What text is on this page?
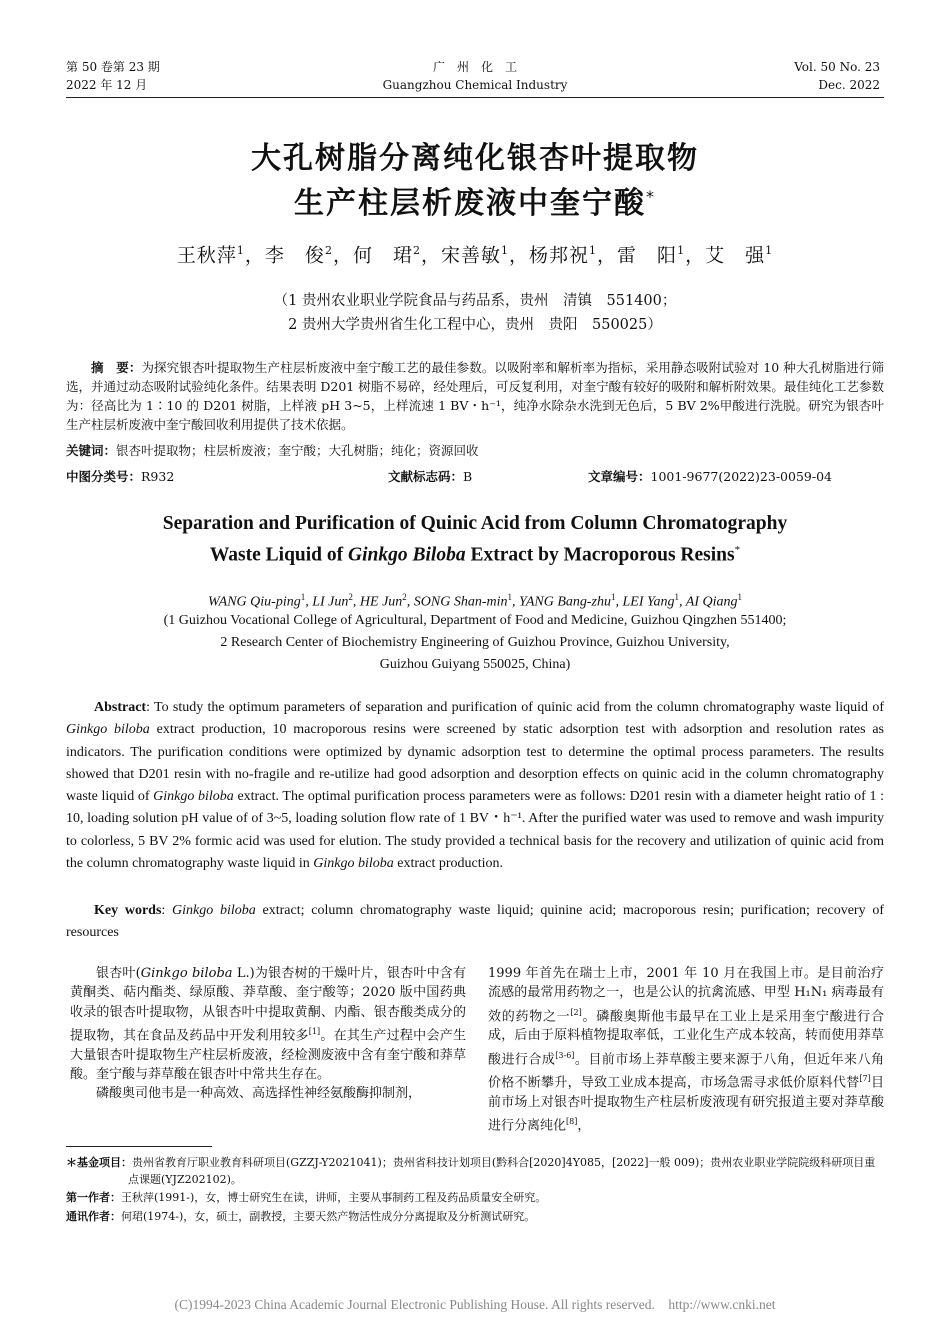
第 50 卷第 23 期
2022 年 12 月
广　州　化　工
Guangzhou Chemical Industry
Vol. 50 No. 23
Dec. 2022
大孔树脂分离纯化银杏叶提取物
生产柱层析废液中奎宁酸*
王秋萍$^1$，李　俊$^2$，何　珺$^2$，宋善敏$^1$，杨邦祝$^1$，雷　阳$^1$，艾　强$^1$
（1 贵州农业职业学院食品与药品系，贵州　清镇　551400；
2 贵州大学贵州省生化工程中心，贵州　贵阳　550025）
摘　要：为探究银杏叶提取物生产柱层析废液中奎宁酸工艺的最佳参数。以吸附率和解析率为指标，采用静态吸附试验对 10 种大孔树脂进行筛选，并通过动态吸附试验纯化条件。结果表明 D201 树脂不易碎，经处理后，可反复利用，对奎宁酸有较好的吸附和解析附效果。最佳纯化工艺参数为：径高比为 1∶10 的 D201 树脂，上样液 pH 3~5，上样流速 1 BV・h⁻¹，纯净水除杂水洗到无色后，5 BV 2%甲酸进行洗脱。研究为银杏叶生产柱层析废液中奎宁酸回收利用提供了技术依据。
关键词：银杏叶提取物；柱层析废液；奎宁酸；大孔树脂；纯化；资源回收
中图分类号：R932	文献标志码：B	文章编号：1001-9677(2022)23-0059-04
Separation and Purification of Quinic Acid from Column Chromatography
Waste Liquid of Ginkgo Biloba Extract by Macroporous Resins*
WANG Qiu-ping$^1$, LI Jun$^2$, HE Jun$^2$, SONG Shan-$\min^1$, YANG Bang-zhu$^1$, LEI Yang$^1$, AI Qiang$^1$
(1 Guizhou Vocational College of Agricultural, Department of Food and Medicine, Guizhou Qingzhen 551400;
2 Research Center of Biochemistry Engineering of Guizhou Province, Guizhou University,
Guizhou Guiyang 550025, China)
Abstract: To study the optimum parameters of separation and purification of quinic acid from the column chromatography waste liquid of Ginkgo biloba extract production, 10 macroporous resins were screened by static adsorption test with adsorption and resolution rates as indicators. The purification conditions were optimized by dynamic adsorption test to determine the optimal process parameters. The results showed that D201 resin with no-fragile and re-utilize had good adsorption and desorption effects on quinic acid in the column chromatography waste liquid of Ginkgo biloba extract. The optimal purification process parameters were as follows: D201 resin with a diameter height ratio of 1 : 10, loading solution pH value of of 3~5, loading solution flow rate of 1 BV・h⁻¹. After the purified water was used to remove and wash impurity to colorless, 5 BV 2% formic acid was used for elution. The study provided a technical basis for the recovery and utilization of quinic acid from the column chromatography waste liquid in Ginkgo biloba extract production.
Key words: Ginkgo biloba extract; column chromatography waste liquid; quinine acid; macroporous resin; purification; recovery of resources

银杏叶(Ginkgo biloba L.)为银杏树的干燥叶片，银杏叶中含有黄酮类、萜内酯类、绿原酸、莽草酸、奎宁酸等；2020 版中国药典收录的银杏叶提取物，从银杏叶中提取黄酮、内酯、银杏酸类成分的提取物，其在食品及药品中开发利用较多[1]。在其生产过程中会产生大量银杏叶提取物生产柱层析废液，经检测废液中含有奎宁酸和莽草酸。奎宁酸与莽草酸在银杏叶中常共生存在。

磷酸奥司他韦是一种高效、高选择性神经氨酸酶抑制剂，

1999 年首先在瑞士上市，2001 年 10 月在我国上市。是目前治疗流感的最常用药物之一，也是公认的抗禽流感、甲型 H₁N₁ 病毒最有效的药物之一[2]。磷酸奥斯他韦最早在工业上是采用奎宁酸进行合成，后由于原料植物提取率低，工业化生产成本较高，转而使用莽草酸进行合成[3-6]。目前市场上莽草酸主要来源于八角，但近年来八角价格不断攀升，导致工业成本提高，市场急需寻求低价原料代替[7]目前市场上对银杏叶提取物生产柱层析废液现有研究报道主要对莽草酸进行分离纯化[8]，

＊基金项目：贵州省教育厅职业教育科研项目(GZZJ-Y2021041)；贵州省科技计划项目(黔科合[2020]4Y085，[2022]一般 009)；贵州农业职业学院院级科研项目重点课题(YJZ202102)。
第一作者：王秋萍(1991-)，女，博士研究生在读，讲师，主要从事制药工程及药品质量安全研究。
通讯作者：何珺(1974-)，女，硕士，副教授，主要天然产物活性成分分离提取及分析测试研究。
(C)1994-2023 China Academic Journal Electronic Publishing House. All rights reserved.    http://www.cnki.net
